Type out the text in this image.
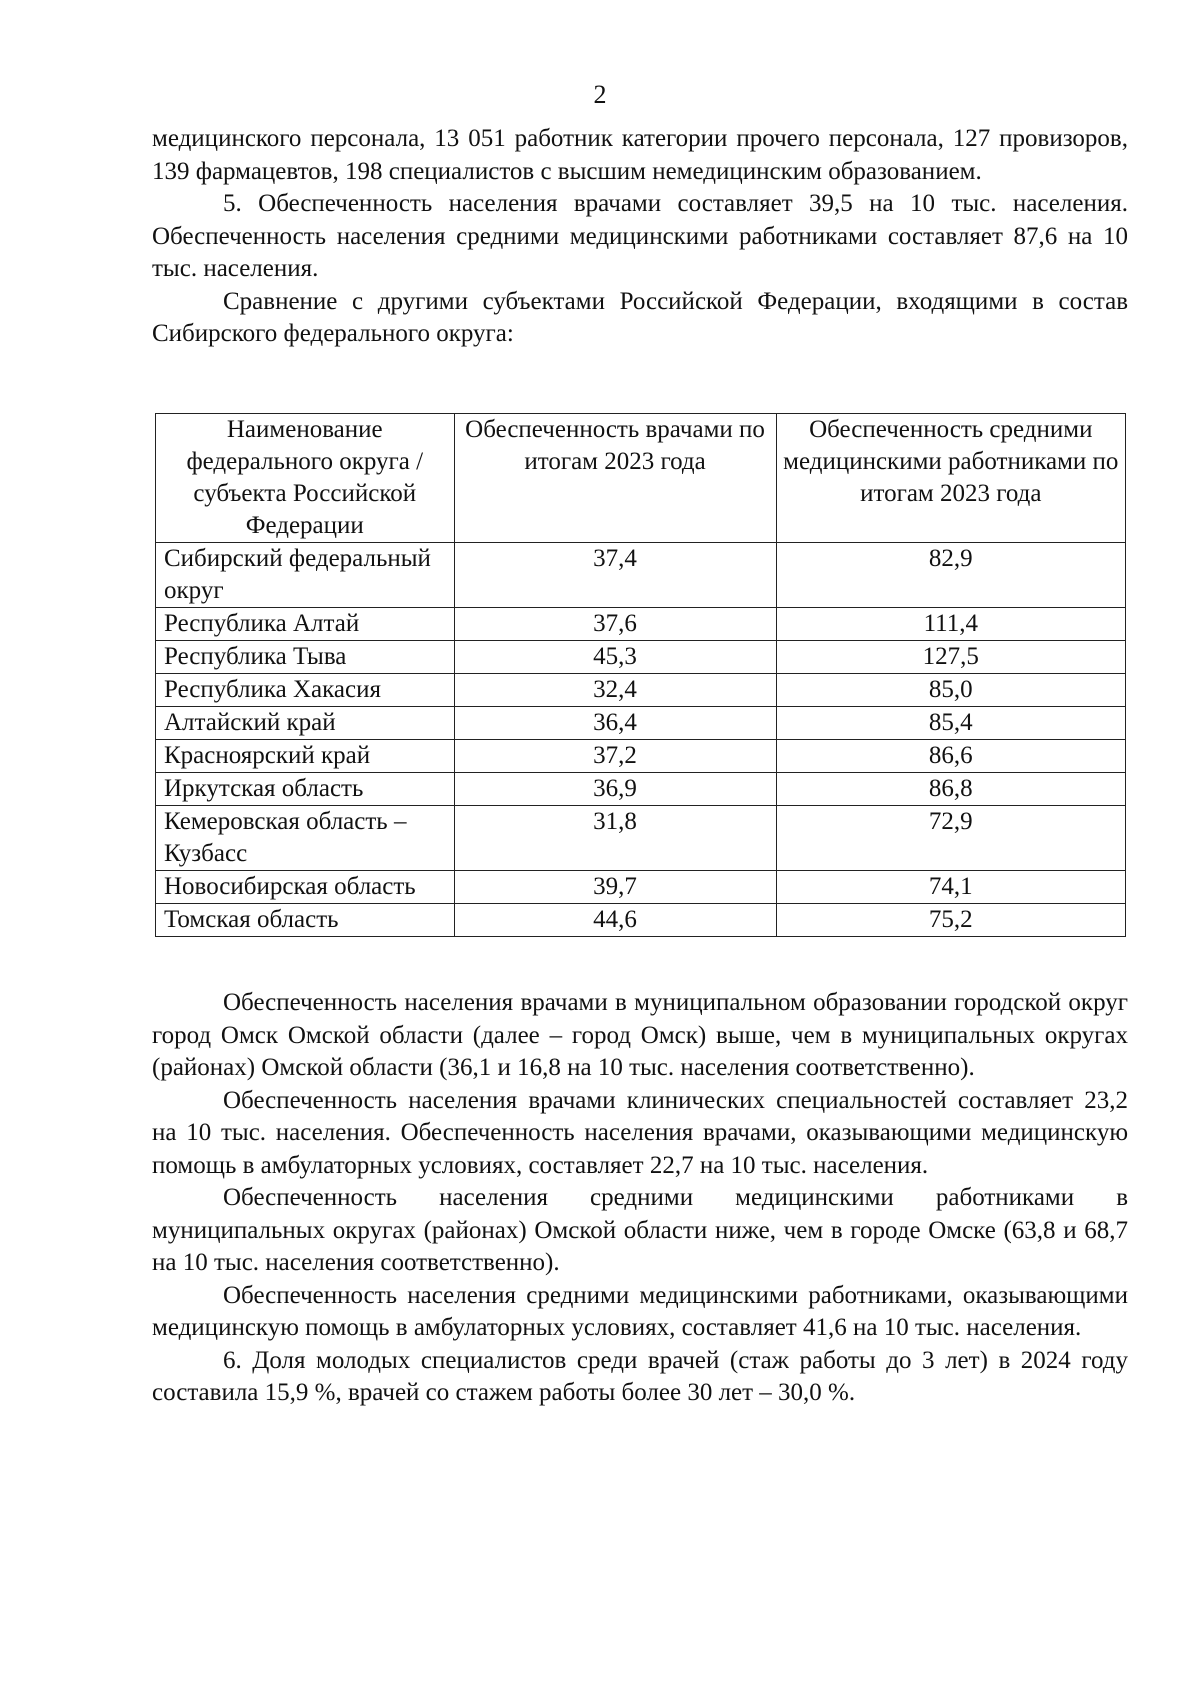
2

медицинского персонала, 13 051 работник категории прочего персонала, 127 провизоров, 139 фармацевтов, 198 специалистов с высшим немедицинским образованием.

5. Обеспеченность населения врачами составляет 39,5 на 10 тыс. населения. Обеспеченность населения средними медицинскими работниками составляет 87,6 на 10 тыс. населения.

Сравнение с другими субъектами Российской Федерации, входящими в состав Сибирского федерального округа:

Наименование федерального округа / субъекта Российской Федерации	Обеспеченность врачами по итогам 2023 года	Обеспеченность средними медицинскими работниками по итогам 2023 года
Сибирский федеральный округ	37,4	82,9
Республика Алтай	37,6	111,4
Республика Тыва	45,3	127,5
Республика Хакасия	32,4	85,0
Алтайский край	36,4	85,4
Красноярский край	37,2	86,6
Иркутская область	36,9	86,8
Кемеровская область – Кузбасс	31,8	72,9
Новосибирская область	39,7	74,1
Томская область	44,6	75,2

Обеспеченность населения врачами в муниципальном образовании городской округ город Омск Омской области (далее – город Омск) выше, чем в муниципальных округах (районах) Омской области (36,1 и 16,8 на 10 тыс. населения соответственно).

Обеспеченность населения врачами клинических специальностей составляет 23,2 на 10 тыс. населения. Обеспеченность населения врачами, оказывающими медицинскую помощь в амбулаторных условиях, составляет 22,7 на 10 тыс. населения.

Обеспеченность населения средними медицинскими работниками в муниципальных округах (районах) Омской области ниже, чем в городе Омске (63,8 и 68,7 на 10 тыс. населения соответственно).

Обеспеченность населения средними медицинскими работниками, оказывающими медицинскую помощь в амбулаторных условиях, составляет 41,6 на 10 тыс. населения.

6. Доля молодых специалистов среди врачей (стаж работы до 3 лет) в 2024 году составила 15,9 %, врачей со стажем работы более 30 лет – 30,0 %.
